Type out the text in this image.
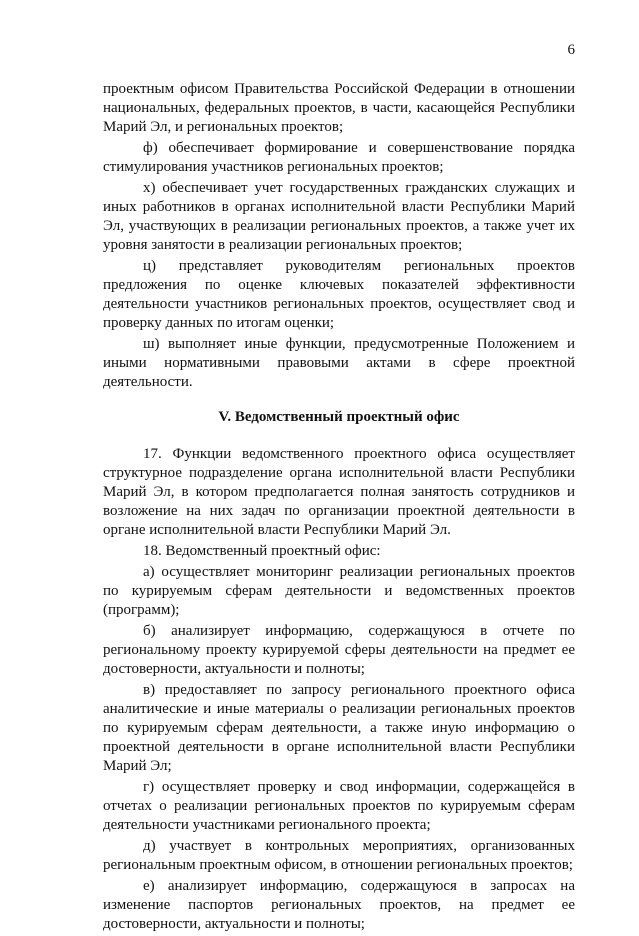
6

проектным офисом Правительства Российской Федерации в отношении национальных, федеральных проектов, в части, касающейся Республики Марий Эл, и региональных проектов;

ф) обеспечивает формирование и совершенствование порядка стимулирования участников региональных проектов;

х) обеспечивает учет государственных гражданских служащих и иных работников в органах исполнительной власти Республики Марий Эл, участвующих в реализации региональных проектов, а также учет их уровня занятости в реализации региональных проектов;

ц) представляет руководителям региональных проектов предложения по оценке ключевых показателей эффективности деятельности участников региональных проектов, осуществляет свод и проверку данных по итогам оценки;

ш) выполняет иные функции, предусмотренные Положением и иными нормативными правовыми актами в сфере проектной деятельности.

V. Ведомственный проектный офис

17. Функции ведомственного проектного офиса осуществляет структурное подразделение органа исполнительной власти Республики Марий Эл, в котором предполагается полная занятость сотрудников и возложение на них задач по организации проектной деятельности в органе исполнительной власти Республики Марий Эл.

18. Ведомственный проектный офис:

а) осуществляет мониторинг реализации региональных проектов по курируемым сферам деятельности и ведомственных проектов (программ);

б) анализирует информацию, содержащуюся в отчете по региональному проекту курируемой сферы деятельности на предмет ее достоверности, актуальности и полноты;

в) предоставляет по запросу регионального проектного офиса аналитические и иные материалы о реализации региональных проектов по курируемым сферам деятельности, а также иную информацию о проектной деятельности в органе исполнительной власти Республики Марий Эл;

г) осуществляет проверку и свод информации, содержащейся в отчетах о реализации региональных проектов по курируемым сферам деятельности участниками регионального проекта;

д) участвует в контрольных мероприятиях, организованных региональным проектным офисом, в отношении региональных проектов;

е) анализирует информацию, содержащуюся в запросах на изменение паспортов региональных проектов, на предмет ее достоверности, актуальности и полноты;
